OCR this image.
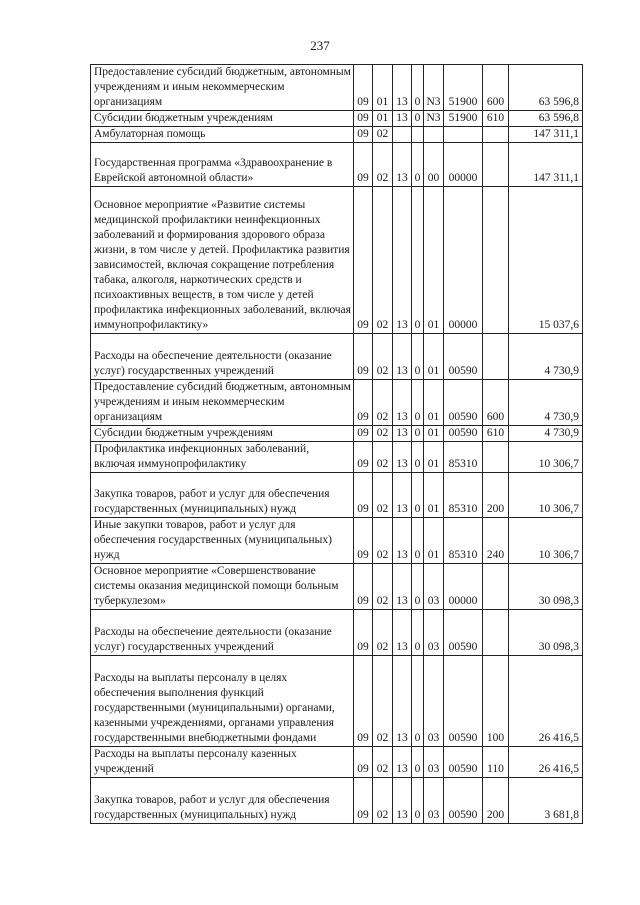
237
Предоставление субсидий бюджетным, автономным учреждениям и иным некоммерческим организациям	09	01	13	0	N3	51900	600	63 596,8
Субсидии бюджетным учреждениям	09	01	13	0	N3	51900	610	63 596,8
Амбулаторная помощь	09	02						147 311,1
Государственная программа «Здравоохранение в Еврейской автономной области»	09	02	13	0	00	00000		147 311,1
Основное мероприятие «Развитие системы медицинской профилактики неинфекционных заболеваний и формирования здорового образа жизни, в том числе у детей. Профилактика развития зависимостей, включая сокращение потребления табака, алкоголя, наркотических средств и психоактивных веществ, в том числе у детей профилактика инфекционных заболеваний, включая иммунопрофилактику»	09	02	13	0	01	00000		15 037,6
Расходы на обеспечение деятельности (оказание услуг) государственных учреждений	09	02	13	0	01	00590		4 730,9
Предоставление субсидий бюджетным, автономным учреждениям и иным некоммерческим организациям	09	02	13	0	01	00590	600	4 730,9
Субсидии бюджетным учреждениям	09	02	13	0	01	00590	610	4 730,9
Профилактика инфекционных заболеваний, включая иммунопрофилактику	09	02	13	0	01	85310		10 306,7
Закупка товаров, работ и услуг для обеспечения государственных (муниципальных) нужд	09	02	13	0	01	85310	200	10 306,7
Иные закупки товаров, работ и услуг для обеспечения государственных (муниципальных) нужд	09	02	13	0	01	85310	240	10 306,7
Основное мероприятие «Совершенствование системы оказания медицинской помощи больным туберкулезом»	09	02	13	0	03	00000		30 098,3
Расходы на обеспечение деятельности (оказание услуг) государственных учреждений	09	02	13	0	03	00590		30 098,3
Расходы на выплаты персоналу в целях обеспечения выполнения функций государственными (муниципальными) органами, казенными учреждениями, органами управления государственными внебюджетными фондами	09	02	13	0	03	00590	100	26 416,5
Расходы на выплаты персоналу казенных учреждений	09	02	13	0	03	00590	110	26 416,5
Закупка товаров, работ и услуг для обеспечения государственных (муниципальных) нужд	09	02	13	0	03	00590	200	3 681,8
